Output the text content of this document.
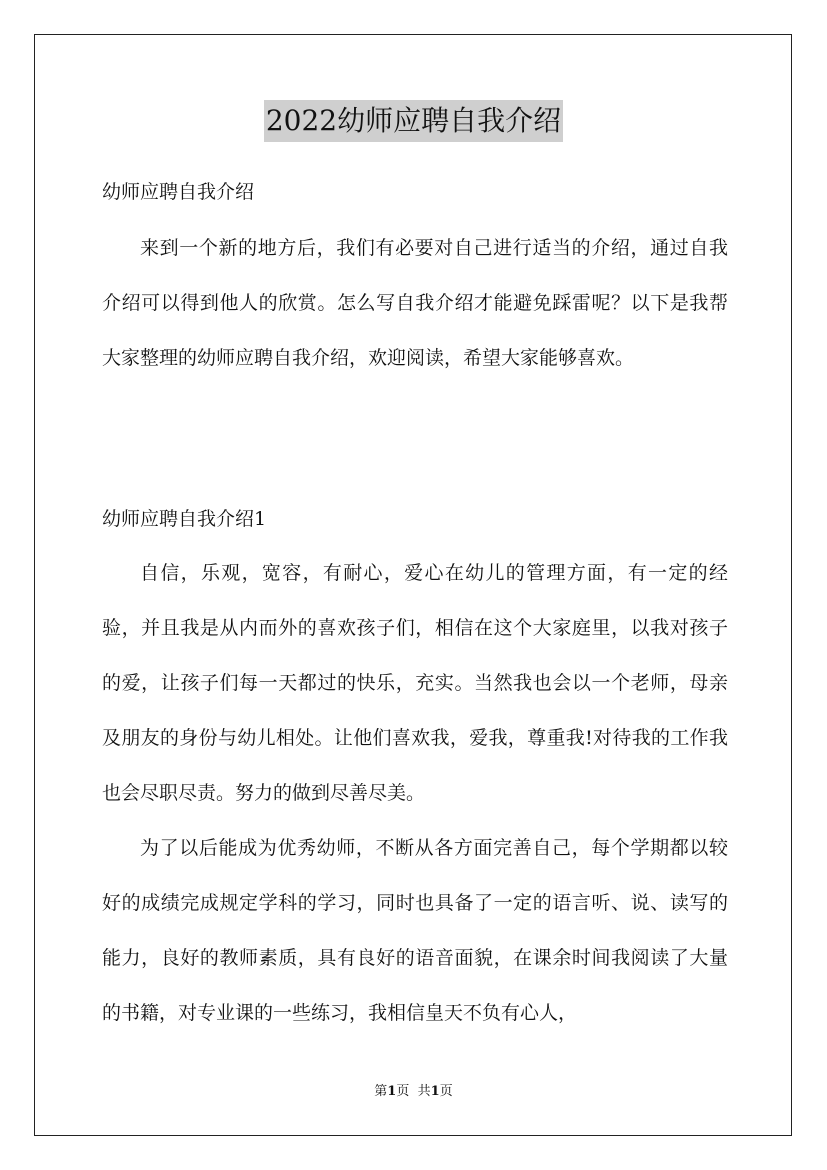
2022幼师应聘自我介绍

幼师应聘自我介绍

来到一个新的地方后，我们有必要对自己进行适当的介绍，通过自我介绍可以得到他人的欣赏。怎么写自我介绍才能避免踩雷呢？以下是我帮大家整理的幼师应聘自我介绍，欢迎阅读，希望大家能够喜欢。

幼师应聘自我介绍1

自信，乐观，宽容，有耐心，爱心在幼儿的管理方面，有一定的经验，并且我是从内而外的喜欢孩子们，相信在这个大家庭里，以我对孩子的爱，让孩子们每一天都过的快乐，充实。当然我也会以一个老师，母亲及朋友的身份与幼儿相处。让他们喜欢我，爱我，尊重我!对待我的工作我也会尽职尽责。努力的做到尽善尽美。

为了以后能成为优秀幼师，不断从各方面完善自己，每个学期都以较好的成绩完成规定学科的学习，同时也具备了一定的语言听、说、读写的能力，良好的教师素质，具有良好的语音面貌，在课余时间我阅读了大量的书籍，对专业课的一些练习，我相信皇天不负有心人，

第1页 共1页
